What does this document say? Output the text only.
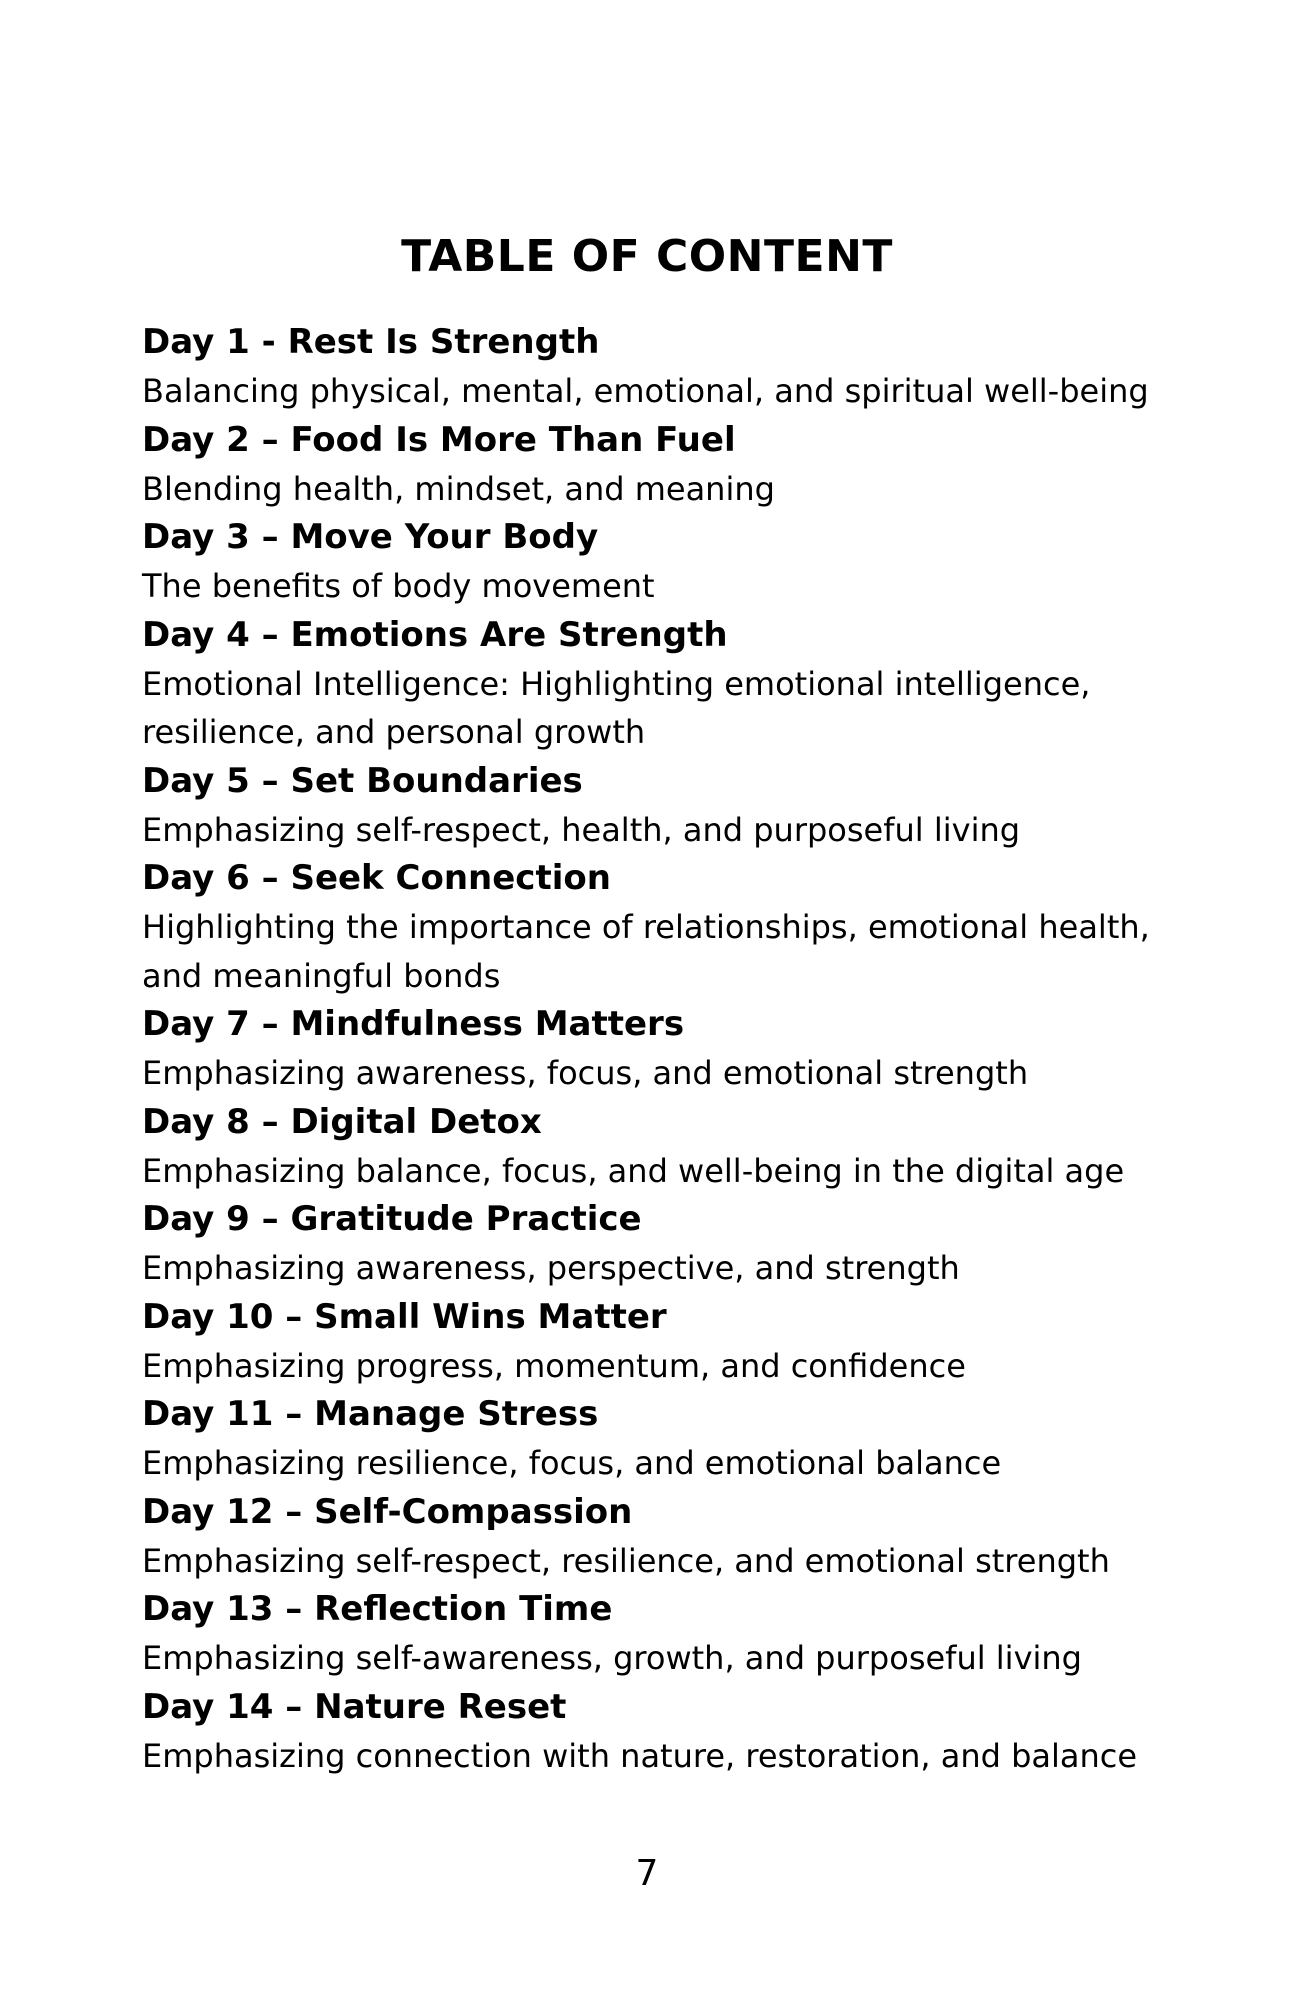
TABLE OF CONTENT
Day 1 - Rest Is Strength
Balancing physical, mental, emotional, and spiritual well-being
Day 2 – Food Is More Than Fuel
Blending health, mindset, and meaning
Day 3 – Move Your Body
The benefits of body movement
Day 4 – Emotions Are Strength
Emotional Intelligence: Highlighting emotional intelligence, resilience, and personal growth
Day 5 – Set Boundaries
Emphasizing self-respect, health, and purposeful living
Day 6 – Seek Connection
Highlighting the importance of relationships, emotional health, and meaningful bonds
Day 7 – Mindfulness Matters
Emphasizing awareness, focus, and emotional strength
Day 8 – Digital Detox
Emphasizing balance, focus, and well-being in the digital age
Day 9 – Gratitude Practice
Emphasizing awareness, perspective, and strength
Day 10 – Small Wins Matter
Emphasizing progress, momentum, and confidence
Day 11 – Manage Stress
Emphasizing resilience, focus, and emotional balance
Day 12 – Self-Compassion
Emphasizing self-respect, resilience, and emotional strength
Day 13 – Reflection Time
Emphasizing self-awareness, growth, and purposeful living
Day 14 – Nature Reset
Emphasizing connection with nature, restoration, and balance
7
